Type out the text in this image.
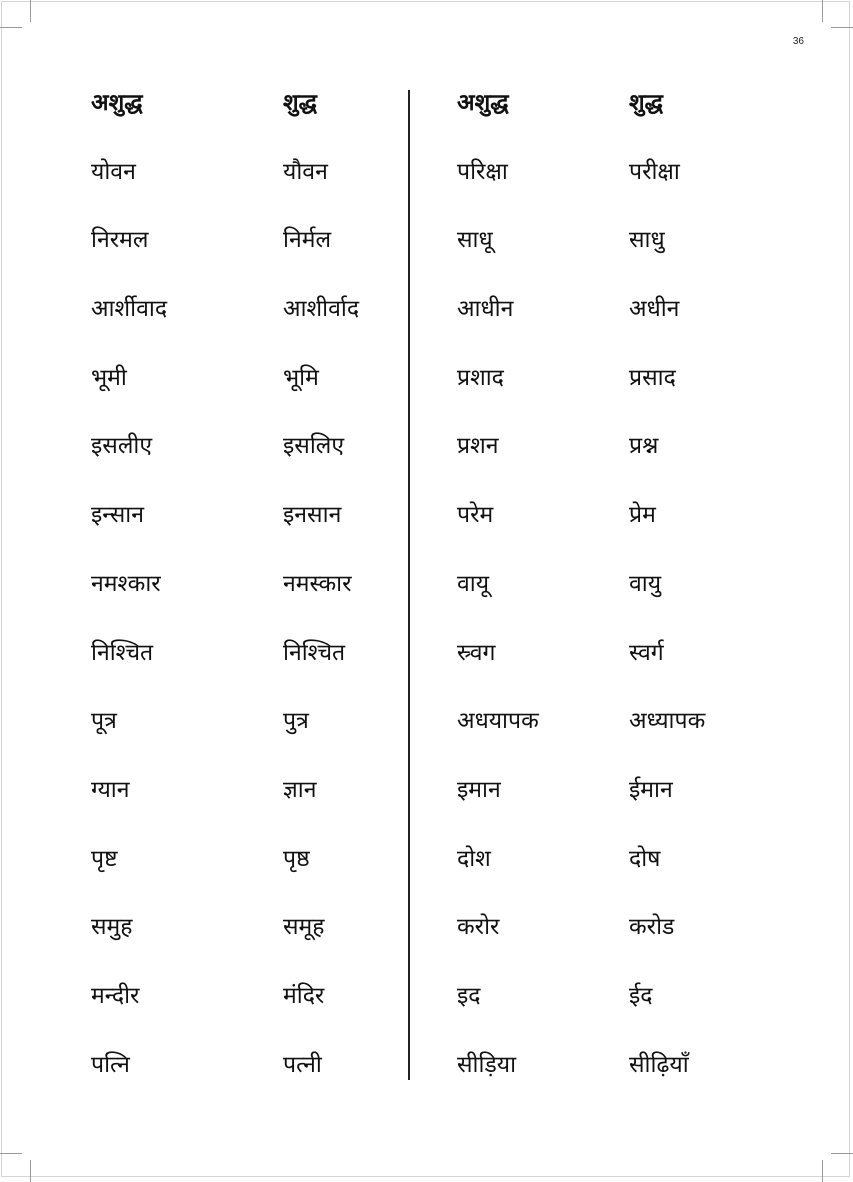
36
अशुद्ध
योवन
निरमल
आर्शीवाद
भूमी
इसलीए
इन्सान
नमश्कार
निश्चित
पूत्र
ग्यान
पृष्ट
समुह
मन्दीर
पत्नि
शुद्ध
यौवन
निर्मल
आशीर्वाद
भूमि
इसलिए
इनसान
नमस्कार
निश्चित
पुत्र
ज्ञान
पृष्ठ
समूह
मंदिर
पत्नी
अशुद्ध
परिक्षा
साधू
आधीन
प्रशाद
प्रशन
परेम
वायू
स्र्वग
अधयापक
इमान
दोश
करोर
इद
सीड़िया
शुद्ध
परीक्षा
साधु
अधीन
प्रसाद
प्रश्न
प्रेम
वायु
स्वर्ग
अध्यापक
ईमान
दोष
करोड
ईद
सीढ़ियाँ
